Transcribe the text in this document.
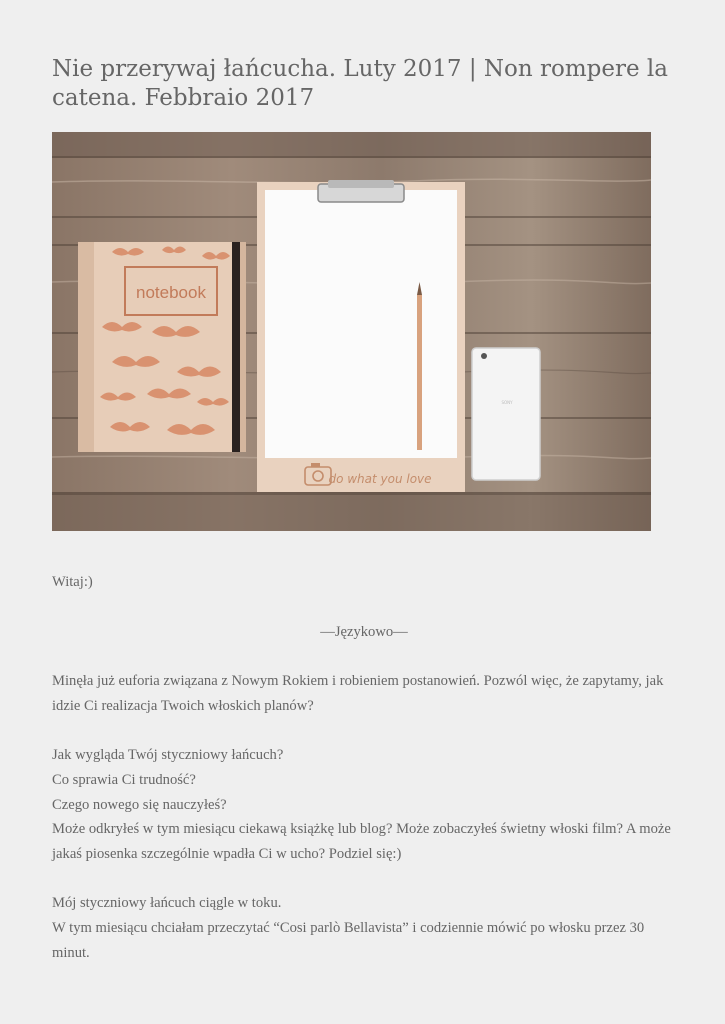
Nie przerywaj łańcucha. Luty 2017 | Non rompere la catena. Febbraio 2017
notebook
do what you love
SONY

Witaj:)

—Językowo—

Minęła już euforia związana z Nowym Rokiem i robieniem postanowień. Pozwól więc, że zapytamy, jak idzie Ci realizacja Twoich włoskich planów?

Jak wygląda Twój styczniowy łańcuch?

Co sprawia Ci trudność?

Czego nowego się nauczyłeś?

Może odkryłeś w tym miesiącu ciekawą książkę lub blog? Może zobaczyłeś świetny włoski film? A może jakaś piosenka szczególnie wpadła Ci w ucho? Podziel się:)

Mój styczniowy łańcuch ciągle w toku.

W tym miesiącu chciałam przeczytać “Cosi parlò Bellavista” i codziennie mówić po włosku przez 30 minut.
